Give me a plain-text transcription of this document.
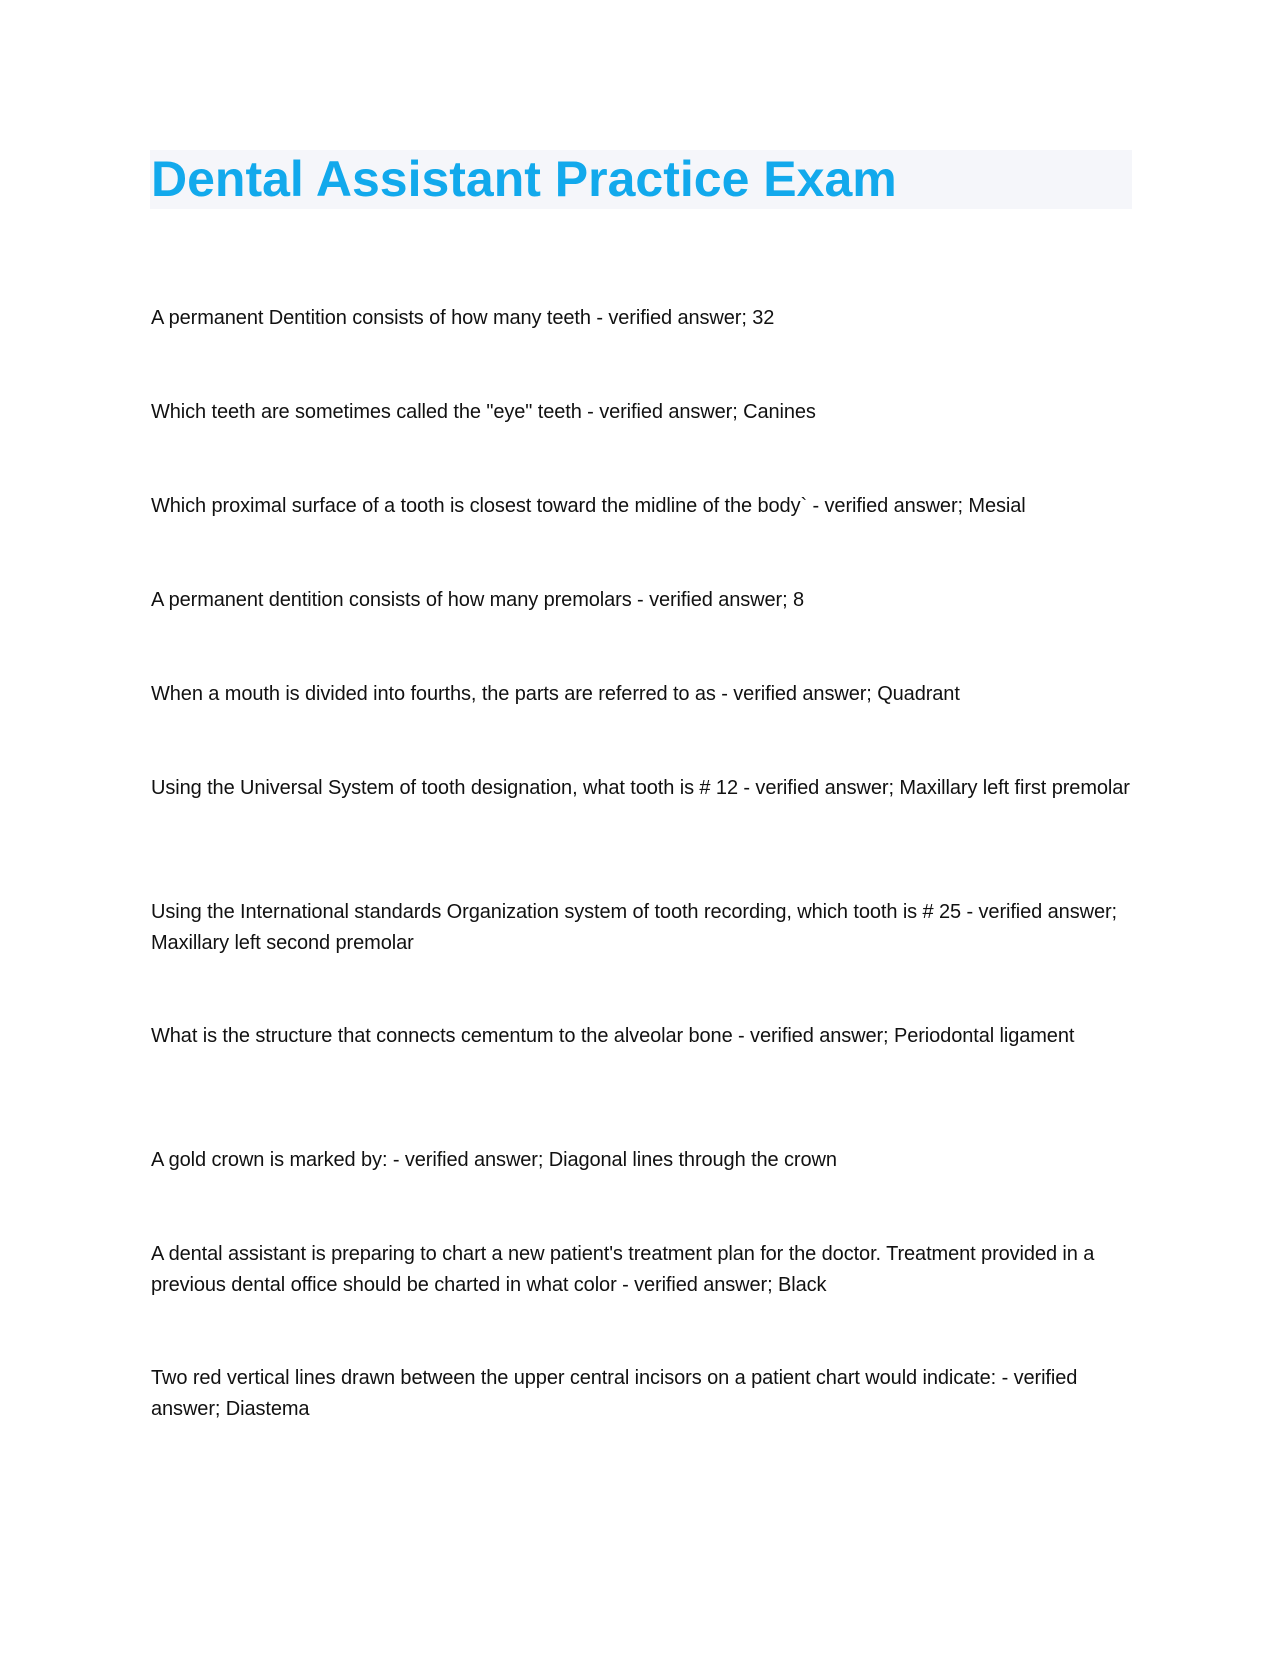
Dental Assistant Practice Exam
A permanent Dentition consists of how many teeth - verified answer; 32
Which teeth are sometimes called the "eye" teeth - verified answer; Canines
Which proximal surface of a tooth is closest toward the midline of the body` - verified answer; Mesial
A permanent dentition consists of how many premolars - verified answer; 8
When a mouth is divided into fourths, the parts are referred to as - verified answer; Quadrant
Using the Universal System of tooth designation, what tooth is # 12 - verified answer; Maxillary left first premolar
Using the International standards Organization system of tooth recording, which tooth is # 25 - verified answer; Maxillary left second premolar
What is the structure that connects cementum to the alveolar bone - verified answer; Periodontal ligament
A gold crown is marked by: - verified answer; Diagonal lines through the crown
A dental assistant is preparing to chart a new patient's treatment plan for the doctor. Treatment provided in a previous dental office should be charted in what color - verified answer; Black
Two red vertical lines drawn between the upper central incisors on a patient chart would indicate: - verified answer; Diastema
